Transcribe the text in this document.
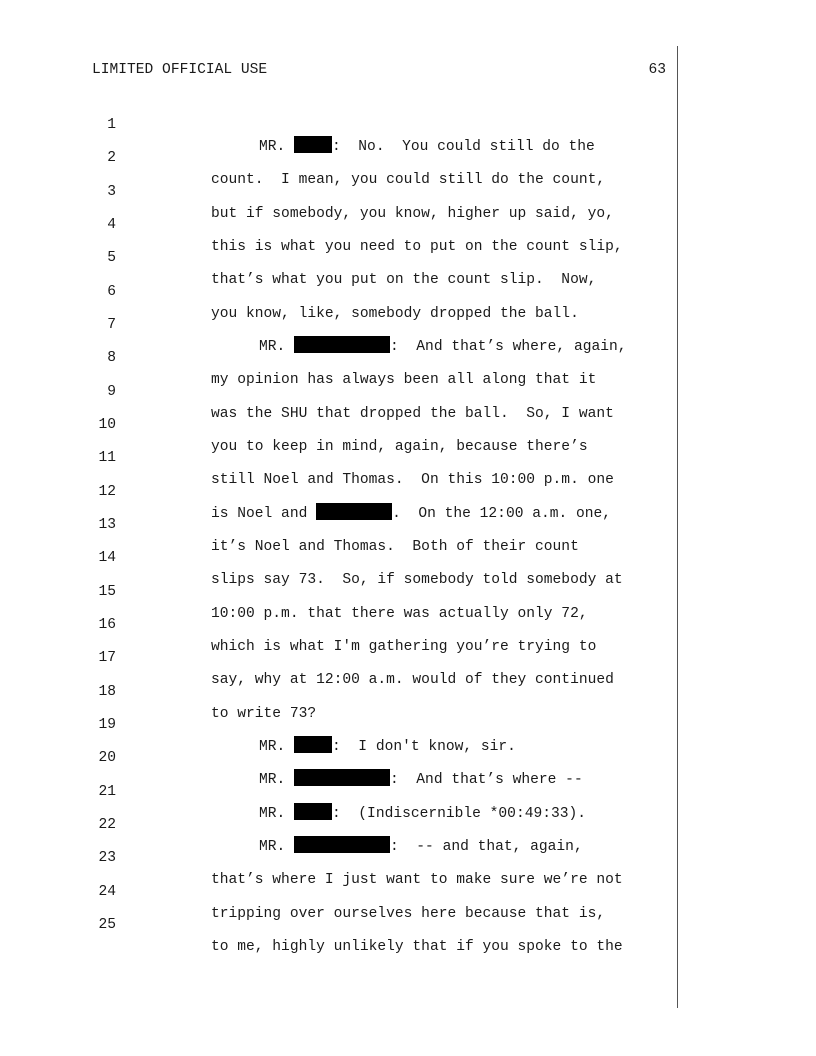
LIMITED OFFICIAL USE	63

1

MR.	:  No.  You could still do the

2

count.  I mean, you could still do the count,

3

but if somebody, you know, higher up said, yo,

4

this is what you need to put on the count slip,

5

that’s what you put on the count slip.  Now,

6

you know, like, somebody dropped the ball.

7

MR.	:  And that’s where, again,

8

my opinion has always been all along that it

9

was the SHU that dropped the ball.  So, I want

10

you to keep in mind, again, because there’s

11

still Noel and Thomas.  On this 10:00 p.m. one

12

is Noel and	.  On the 12:00 a.m. one,

13

it’s Noel and Thomas.  Both of their count

14

slips say 73.  So, if somebody told somebody at

15

10:00 p.m. that there was actually only 72,

16

which is what I'm gathering you’re trying to

17

say, why at 12:00 a.m. would of they continued

18

to write 73?

19

MR.	:  I don't know, sir.

20

MR.	:  And that’s where --

21

MR.	:  (Indiscernible *00:49:33).

22

MR.	:  -- and that, again,

23

that’s where I just want to make sure we’re not

24

tripping over ourselves here because that is,

25

to me, highly unlikely that if you spoke to the
